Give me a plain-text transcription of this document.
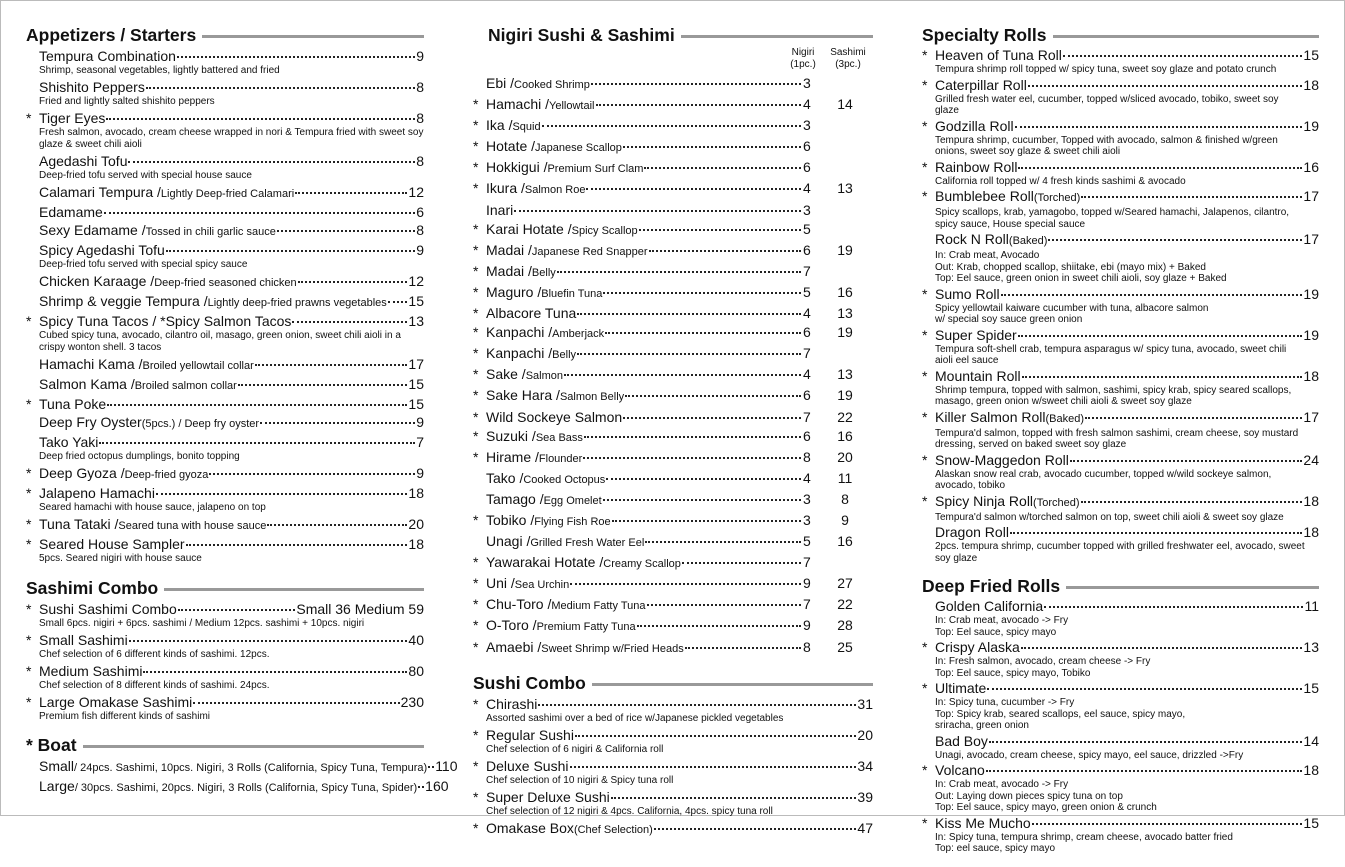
Appetizers / Starters
Tempura Combination	9
Shrimp, seasonal vegetables, lightly battered and fried
Shishito Peppers	8
Fried and lightly salted shishito peppers
* Tiger Eyes	8
Fresh salmon, avocado, cream cheese wrapped in nori & Tempura fried with sweet soy glaze & sweet chili aioli
Agedashi Tofu	8
Deep-fried tofu served with special house sauce
Calamari Tempura / Lightly Deep-fried Calamari	12
Edamame	6
Sexy Edamame / Tossed in chili garlic sauce	8
Spicy Agedashi Tofu	9
Deep-fried tofu served with special spicy sauce
Chicken Karaage / Deep-fried seasoned chicken	12
Shrimp & veggie Tempura / Lightly deep-fried prawns vegetables 15
* Spicy Tuna Tacos / *Spicy Salmon Tacos	13
Cubed spicy tuna, avocado, cilantro oil, masago, green onion, sweet chili aioli in a crispy wonton shell. 3 tacos
Hamachi Kama / Broiled yellowtail collar	17
Salmon Kama / Broiled salmon collar	15
* Tuna Poke	15
Deep Fry Oyster (5pcs.) / Deep fry oyster	9
Tako Yaki	7
Deep fried octopus dumplings, bonito topping
* Deep Gyoza / Deep-fried gyoza	9
* Jalapeno Hamachi	18
Seared hamachi with house sauce, jalapeno on top
* Tuna Tataki / Seared tuna with house sauce	20
* Seared House Sampler	18
5pcs. Seared nigiri with house sauce
Sashimi Combo
* Sushi Sashimi Combo	Small 36 Medium 59
Small 6pcs. nigiri + 6pcs. sashimi / Medium 12pcs. sashimi + 10pcs. nigiri
* Small Sashimi	40
Chef selection of 6 different kinds of sashimi. 12pcs.
* Medium Sashimi	80
Chef selection of 8 different kinds of sashimi. 24pcs.
* Large Omakase Sashimi	230
Premium fish different kinds of sashimi
* Boat
Small / 24pcs. Sashimi, 10pcs. Nigiri, 3 Rolls (California, Spicy Tuna, Tempura) 110
Large / 30pcs. Sashimi, 20pcs. Nigiri, 3 Rolls (California, Spicy Tuna, Spider) 160
Nigiri Sushi & Sashimi
Nigiri
(1pc.)
Sashimi
(3pc.)
Ebi / Cooked Shrimp	3
* Hamachi / Yellowtail	4	14
* Ika / Squid	3
* Hotate / Japanese Scallop	6
* Hokkigui / Premium Surf Clam	6
* Ikura / Salmon Roe	4	13
Inari	3
* Karai Hotate / Spicy Scallop	5
* Madai / Japanese Red Snapper	6	19
* Madai / Belly	7
* Maguro / Bluefin Tuna	5	16
* Albacore Tuna	4	13
* Kanpachi / Amberjack	6	19
* Kanpachi / Belly	7
* Sake / Salmon	4	13
* Sake Hara / Salmon Belly	6	19
* Wild Sockeye Salmon	7	22
* Suzuki / Sea Bass	6	16
* Hirame / Flounder	8	20
Tako / Cooked Octopus	4	11
Tamago / Egg Omelet	3	8
* Tobiko / Flying Fish Roe	3	9
Unagi / Grilled Fresh Water Eel	5	16
* Yawarakai Hotate / Creamy Scallop	7
* Uni / Sea Urchin	9	27
* Chu-Toro / Medium Fatty Tuna	7	22
* O-Toro / Premium Fatty Tuna	9	28
* Amaebi / Sweet Shrimp w/Fried Heads	8	25
Sushi Combo
* Chirashi	31
Assorted sashimi over a bed of rice w/Japanese pickled vegetables
* Regular Sushi	20
Chef selection of 6 nigiri & California roll
* Deluxe Sushi	34
Chef selection of 10 nigiri & Spicy tuna roll
* Super Deluxe Sushi	39
Chef selection of 12 nigiri & 4pcs. California, 4pcs. spicy tuna roll
* Omakase Box (Chef Selection)	47
Specialty Rolls
* Heaven of Tuna Roll	15
Tempura shrimp roll topped w/ spicy tuna, sweet soy glaze and potato crunch
* Caterpillar Roll	18
Grilled fresh water eel, cucumber, topped w/sliced avocado, tobiko, sweet soy glaze
* Godzilla Roll	19
Tempura shrimp, cucumber, Topped with avocado, salmon & finished w/green onions, sweet soy glaze & sweet chili aioli
* Rainbow Roll	16
California roll topped w/ 4 fresh kinds sashimi & avocado
* Bumblebee Roll (Torched)	17
Spicy scallops, krab, yamagobo, topped w/Seared hamachi, Jalapenos, cilantro, spicy sauce, House special sauce
Rock N Roll (Baked)	17
In: Crab meat, Avocado
Out: Krab, chopped scallop, shiitake, ebi (mayo mix) + Baked
Top: Eel sauce, green onion in sweet chili aioli, soy glaze + Baked
* Sumo Roll	19
Spicy yellowtail kaiware cucumber with tuna, albacore salmon
w/ special soy sauce green onion
* Super Spider	19
Tempura soft-shell crab, tempura asparagus w/ spicy tuna, avocado, sweet chili aioli eel sauce
* Mountain Roll	18
Shrimp tempura, topped with salmon, sashimi, spicy krab, spicy seared scallops, masago, green onion w/sweet chili aioli & sweet soy glaze
* Killer Salmon Roll (Baked)	17
Tempura'd salmon, topped with fresh salmon sashimi, cream cheese, soy mustard dressing, served on baked sweet soy glaze
* Snow-Maggedon Roll	24
Alaskan snow real crab, avocado cucumber, topped w/wild sockeye salmon, avocado, tobiko
* Spicy Ninja Roll (Torched)	18
Tempura'd salmon w/torched salmon on top, sweet chili aioli & sweet soy glaze
Dragon Roll	18
2pcs. tempura shrimp, cucumber topped with grilled freshwater eel, avocado, sweet soy glaze
Deep Fried Rolls
Golden California	11
In: Crab meat, avocado -> Fry
Top: Eel sauce, spicy mayo
* Crispy Alaska	13
In: Fresh salmon, avocado, cream cheese -> Fry
Top: Eel sauce, spicy mayo, Tobiko
* Ultimate	15
In: Spicy tuna, cucumber -> Fry
Top: Spicy krab, seared scallops, eel sauce, spicy mayo,
sriracha, green onion
Bad Boy	14
Unagi, avocado, cream cheese, spicy mayo, eel sauce, drizzled ->Fry
* Volcano	18
In: Crab meat, avocado -> Fry
Out: Laying down pieces spicy tuna on top
Top: Eel sauce, spicy mayo, green onion & crunch
* Kiss Me Mucho	15
In: Spicy tuna, tempura shrimp, cream cheese, avocado batter fried
Top: eel sauce, spicy mayo
